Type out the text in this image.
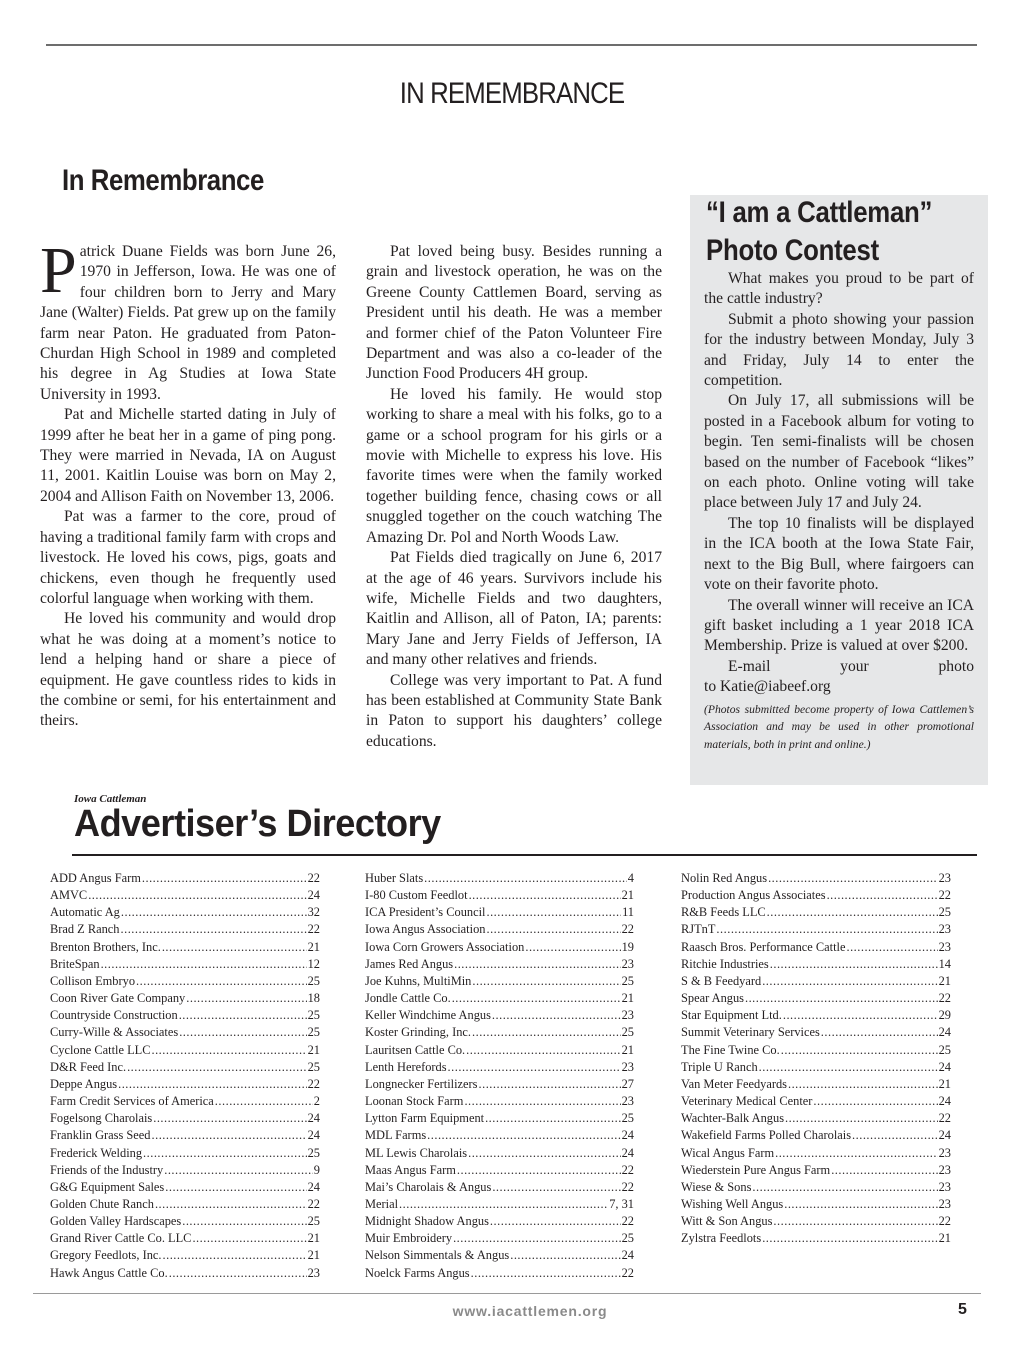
IN REMEMBRANCE
In Remembrance

Patrick Duane Fields was born June 26, 1970 in Jefferson, Iowa. He was one of four children born to Jerry and Mary Jane (Walter) Fields. Pat grew up on the family farm near Paton. He graduated from Paton-Churdan High School in 1989 and completed his degree in Ag Studies at Iowa State University in 1993.

Pat and Michelle started dating in July of 1999 after he beat her in a game of ping pong. They were married in Nevada, IA on August 11, 2001. Kaitlin Louise was born on May 2, 2004 and Allison Faith on November 13, 2006.

Pat was a farmer to the core, proud of having a traditional family farm with crops and livestock. He loved his cows, pigs, goats and chickens, even though he frequently used colorful language when working with them.

He loved his community and would drop what he was doing at a moment’s notice to lend a helping hand or share a piece of equipment. He gave countless rides to kids in the combine or semi, for his entertainment and theirs.

Pat loved being busy. Besides running a grain and livestock operation, he was on the Greene County Cattlemen Board, serving as President until his death. He was a member and former chief of the Paton Volunteer Fire Department and was also a co-leader of the Junction Food Producers 4H group.

He loved his family. He would stop working to share a meal with his folks, go to a game or a school program for his girls or a movie with Michelle to express his love. His favorite times were when the family worked together building fence, chasing cows or all snuggled together on the couch watching The Amazing Dr. Pol and North Woods Law.

Pat Fields died tragically on June 6, 2017 at the age of 46 years. Survivors include his wife, Michelle Fields and two daughters, Kaitlin and Allison, all of Paton, IA; parents: Mary Jane and Jerry Fields of Jefferson, IA and many other relatives and friends.

College was very important to Pat. A fund has been established at Community State Bank in Paton to support his daughters’ college educations.

“I am a Cattleman”
Photo Contest

What makes you proud to be part of the cattle industry?

Submit a photo showing your passion for the industry between Monday, July 3 and Friday, July 14 to enter the competition.

On July 17, all submissions will be posted in a Facebook album for voting to begin. Ten semi-finalists will be chosen based on the number of Facebook “likes” on each photo. Online voting will take place between July 17 and July 24.

The top 10 finalists will be displayed in the ICA booth at the Iowa State Fair, next to the Big Bull, where fairgoers can vote on their favorite photo.

The overall winner will receive an ICA gift basket including a 1 year 2018 ICA Membership. Prize is valued at over $200.

E-mail your photo

to Katie@iabeef.org

(Photos submitted become property of Iowa Cattlemen’s Association and may be used in other promotional materials, both in print and online.)

Iowa Cattleman
Advertiser’s Directory
ADD Angus Farm .....	22
AMVC .....	24
Automatic Ag .....	32
Brad Z Ranch .....	22
Brenton Brothers, Inc. .....	21
BriteSpan .....	12
Collison Embryo .....	25
Coon River Gate Company .....	18
Countryside Construction .....	25
Curry-Wille & Associates .....	25
Cyclone Cattle LLC .....	21
D&R Feed Inc. .....	25
Deppe Angus .....	22
Farm Credit Services of America .....	2
Fogelsong Charolais .....	24
Franklin Grass Seed .....	24
Frederick Welding .....	25
Friends of the Industry .....	9
G&G Equipment Sales .....	24
Golden Chute Ranch .....	22
Golden Valley Hardscapes .....	25
Grand River Cattle Co. LLC .....	21
Gregory Feedlots, Inc. .....	21
Hawk Angus Cattle Co. .....	23
Huber Slats .....	4
I-80 Custom Feedlot .....	21
ICA President’s Council .....	11
Iowa Angus Association .....	22
Iowa Corn Growers Association .....	19
James Red Angus .....	23
Joe Kuhns, MultiMin .....	25
Jondle Cattle Co. .....	21
Keller Windchime Angus .....	23
Koster Grinding, Inc. .....	25
Lauritsen Cattle Co. .....	21
Lenth Herefords .....	23
Longnecker Fertilizers .....	27
Loonan Stock Farm .....	23
Lytton Farm Equipment .....	25
MDL Farms .....	24
ML Lewis Charolais .....	24
Maas Angus Farm .....	22
Mai’s Charolais & Angus .....	22
Merial .....	7, 31
Midnight Shadow Angus .....	22
Muir Embroidery .....	25
Nelson Simmentals & Angus .....	24
Noelck Farms Angus .....	22
Nolin Red Angus .....	23
Production Angus Associates .....	22
R&B Feeds LLC .....	25
RJTnT .....	23
Raasch Bros. Performance Cattle .....	23
Ritchie Industries .....	14
S & B Feedyard .....	21
Spear Angus .....	22
Star Equipment Ltd. .....	29
Summit Veterinary Services .....	24
The Fine Twine Co. .....	25
Triple U Ranch .....	24
Van Meter Feedyards .....	21
Veterinary Medical Center .....	24
Wachter-Balk Angus .....	22
Wakefield Farms Polled Charolais .....	24
Wical Angus Farm .....	23
Wiederstein Pure Angus Farm .....	23
Wiese & Sons .....	23
Wishing Well Angus .....	23
Witt & Son Angus .....	22
Zylstra Feedlots .....	21
www.iacattlemen.org	5
